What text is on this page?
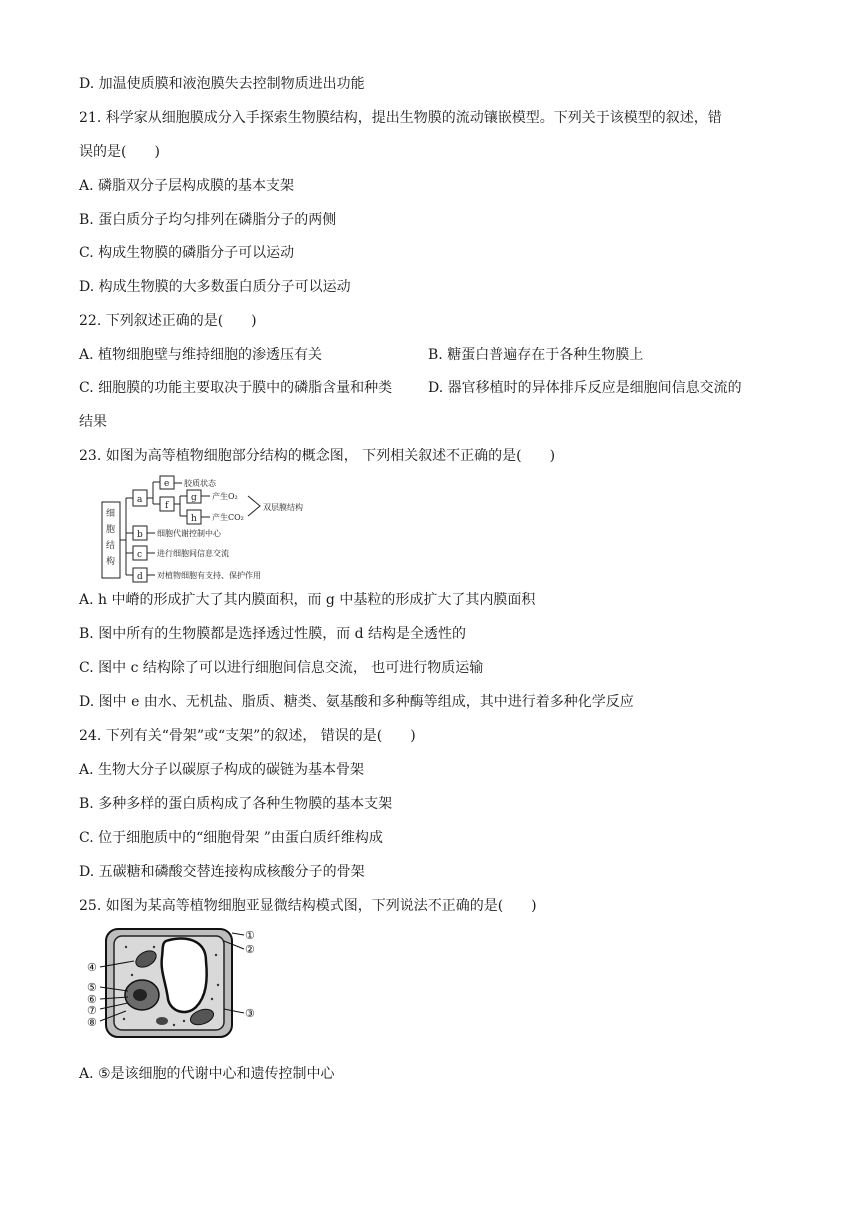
D. 加温使质膜和液泡膜失去控制物质进出功能
21. 科学家从细胞膜成分入手探索生物膜结构，提出生物膜的流动镶嵌模型。下列关于该模型的叙述，错
误的是(　　)
A. 磷脂双分子层构成膜的基本支架
B. 蛋白质分子均匀排列在磷脂分子的两侧
C. 构成生物膜的磷脂分子可以运动
D. 构成生物膜的大多数蛋白质分子可以运动
22. 下列叙述正确的是(　　)
A. 植物细胞壁与维持细胞的渗透压有关	B. 糖蛋白普遍存在于各种生物膜上
C. 细胞膜的功能主要取决于膜中的磷脂含量和种类	D. 器官移植时的异体排斥反应是细胞间信息交流的
结果
23. 如图为高等植物细胞部分结构的概念图， 下列相关叙述不正确的是(　　)
细
胞
结
构
a
b
c
d
e
f
g
h
胶质状态
产生O₂
产生CO₂
双层膜结构
细胞代谢控制中心
进行细胞间信息交流
对植物细胞有支持、保护作用
A. h 中嵴的形成扩大了其内膜面积，而 g 中基粒的形成扩大了其内膜面积
B. 图中所有的生物膜都是选择透过性膜，而 d 结构是全透性的
C. 图中 c 结构除了可以进行细胞间信息交流， 也可进行物质运输
D. 图中 e 由水、无机盐、脂质、糖类、氨基酸和多种酶等组成，其中进行着多种化学反应
24. 下列有关“骨架”或“支架”的叙述， 错误的是(　　)
A. 生物大分子以碳原子构成的碳链为基本骨架
B. 多种多样的蛋白质构成了各种生物膜的基本支架
C. 位于细胞质中的“细胞骨架 ”由蛋白质纤维构成
D. 五碳糖和磷酸交替连接构成核酸分子的骨架
25. 如图为某高等植物细胞亚显微结构模式图，下列说法不正确的是(　　)
①
②
③
④
⑤
⑥
⑦
⑧
A. ⑤是该细胞的代谢中心和遗传控制中心
